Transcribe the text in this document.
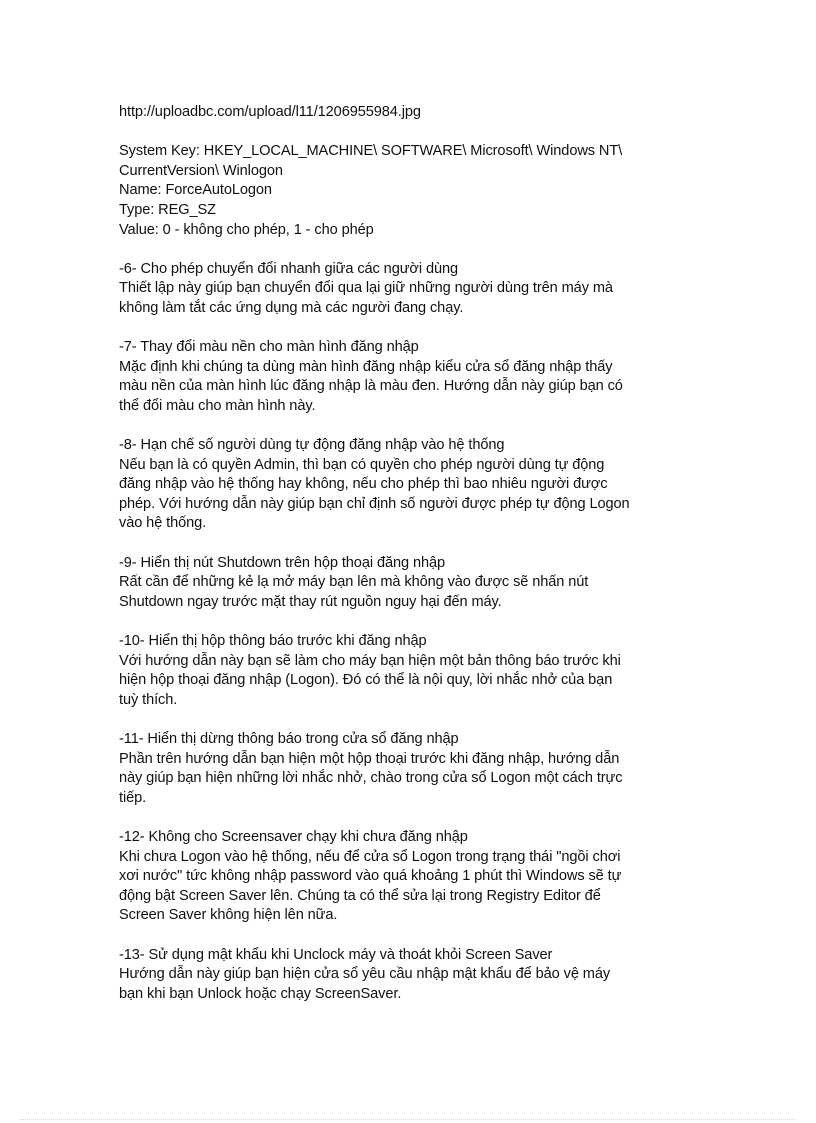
http://uploadbc.com/upload/l11/1206955984.jpg
System Key: HKEY_LOCAL_MACHINE\ SOFTWARE\ Microsoft\ Windows NT\
CurrentVersion\ Winlogon
Name: ForceAutoLogon
Type: REG_SZ
Value: 0 - không cho phép, 1 - cho phép
-6- Cho phép chuyển đổi nhanh giữa các người dùng
Thiết lập này giúp bạn chuyển đổi qua lại giữ những người dùng trên máy mà
không làm tắt các ứng dụng mà các người đang chạy.
-7- Thay đổi màu nền cho màn hình đăng nhập
Mặc định khi chúng ta dùng màn hình đăng nhập kiểu cửa sổ đăng nhập thấy
màu nền của màn hình lúc đăng nhập là màu đen. Hướng dẫn này giúp bạn có
thể đổi màu cho màn hình này.
-8- Hạn chế số người dùng tự động đăng nhập vào hệ thống
Nếu bạn là có quyền Admin, thì bạn có quyền cho phép người dùng tự động
đăng nhập vào hệ thống hay không, nếu cho phép thì bao nhiêu người được
phép. Với hướng dẫn này giúp bạn chỉ định số người được phép tự động Logon
vào hệ thống.
-9- Hiển thị nút Shutdown trên hộp thoại đăng nhập
Rất cần để những kẻ lạ mở máy bạn lên mà không vào được sẽ nhấn nút
Shutdown ngay trước mặt thay rút nguồn nguy hại đến máy.
-10- Hiển thị hộp thông báo trước khi đăng nhập
Với hướng dẫn này bạn sẽ làm cho máy bạn hiện một bản thông báo trước khi
hiện hộp thoại đăng nhập (Logon). Đó có thể là nội quy, lời nhắc nhở của bạn
tuỳ thích.
-11- Hiển thị dừng thông báo trong cửa sổ đăng nhập
Phần trên hướng dẫn bạn hiện một hộp thoại trước khi đăng nhập, hướng dẫn
này giúp bạn hiện những lời nhắc nhở, chào trong cửa sổ Logon một cách trực
tiếp.
-12- Không cho Screensaver chạy khi chưa đăng nhập
Khi chưa Logon vào hệ thống, nếu để cửa sổ Logon trong trạng thái "ngồi chơi
xơi nước" tức không nhập password vào quá khoảng 1 phút thì Windows sẽ tự
động bật Screen Saver lên. Chúng ta có thể sửa lại trong Registry Editor để
Screen Saver không hiện lên nữa.
-13- Sử dụng mật khẩu khi Unclock máy và thoát khỏi Screen Saver
Hướng dẫn này giúp bạn hiện cửa sổ yêu cầu nhập mật khẩu để bảo vệ máy
bạn khi bạn Unlock hoặc chạy ScreenSaver.
